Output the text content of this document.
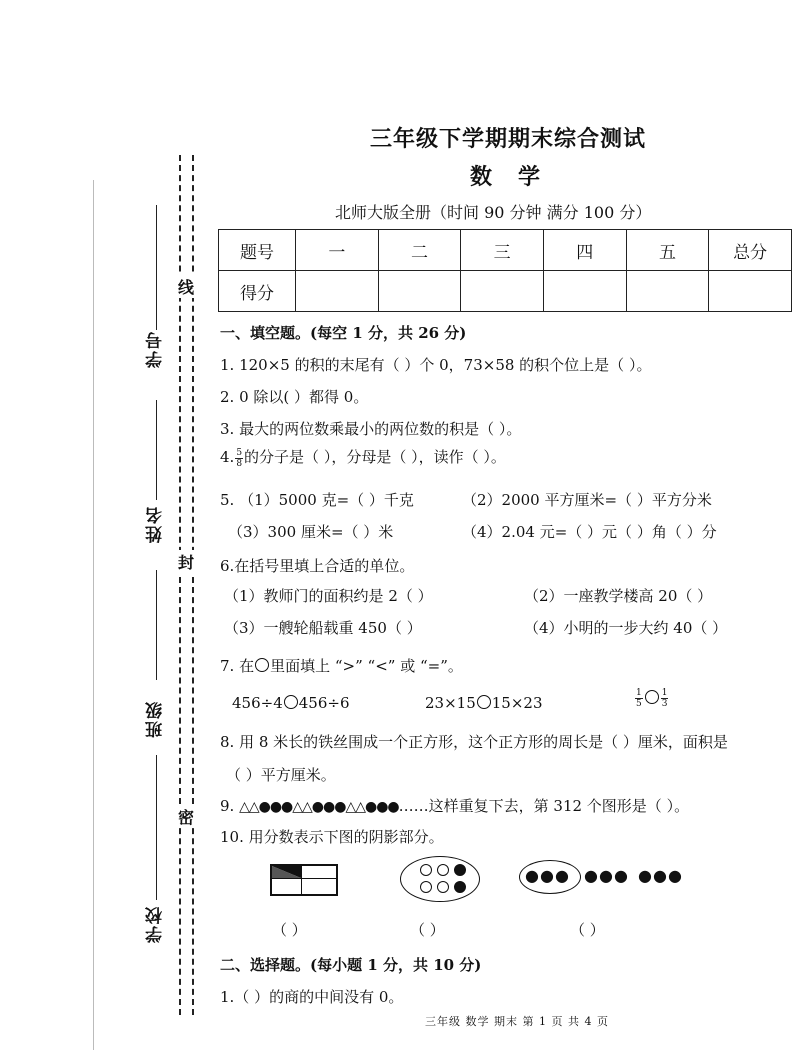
学号
姓名
班级
学校
线
封
密
三年级下学期期末综合测试
数学
北师大版全册（时间 90 分钟 满分 100 分）
题号	一	二	三	四	五	总分
得分						
一、填空题。(每空 1 分，共 26 分)
1. 120×5 的积的末尾有（ ）个 0，73×58 的积个位上是（ ）。
2. 0 除以( ）都得 0。
3. 最大的两位数乘最小的两位数的积是（ ）。
4. $\frac{5}{8}$ 的分子是（ ），分母是（ ），读作（ ）。
5. （1）5000 克=（ ）千克	（2）2000 平方厘米=（ ）平方分米
（3）300 厘米=（ ）米	（4）2.04 元=（ ）元（ ）角（ ）分
6.在括号里填上合适的单位。
（1）教师门的面积约是 2（ ）	（2）一座教学楼高 20（ ）
（3）一艘轮船载重 450（ ）	（4）小明的一步大约 40（ ）
7. 在 里面填上 “>” “<” 或 “=”。
456÷4 456÷6	23×15 15×23	$\frac{1}{5} \frac{1}{3}$
8. 用 8 米长的铁丝围成一个正方形，这个正方形的周长是（ ）厘米，面积是
（ ）平方厘米。
9. △△●●●△△●●●△△●●●……这样重复下去，第 312 个图形是（ ）。
10. 用分数表示下图的阴影部分。
● ● ● ● ● ● ● ● ●
（ ）	（ ）	（ ）
二、选择题。(每小题 1 分，共 10 分)
1.（ ）的商的中间没有 0。
三年级 数学 期末 第 1 页 共 4 页
